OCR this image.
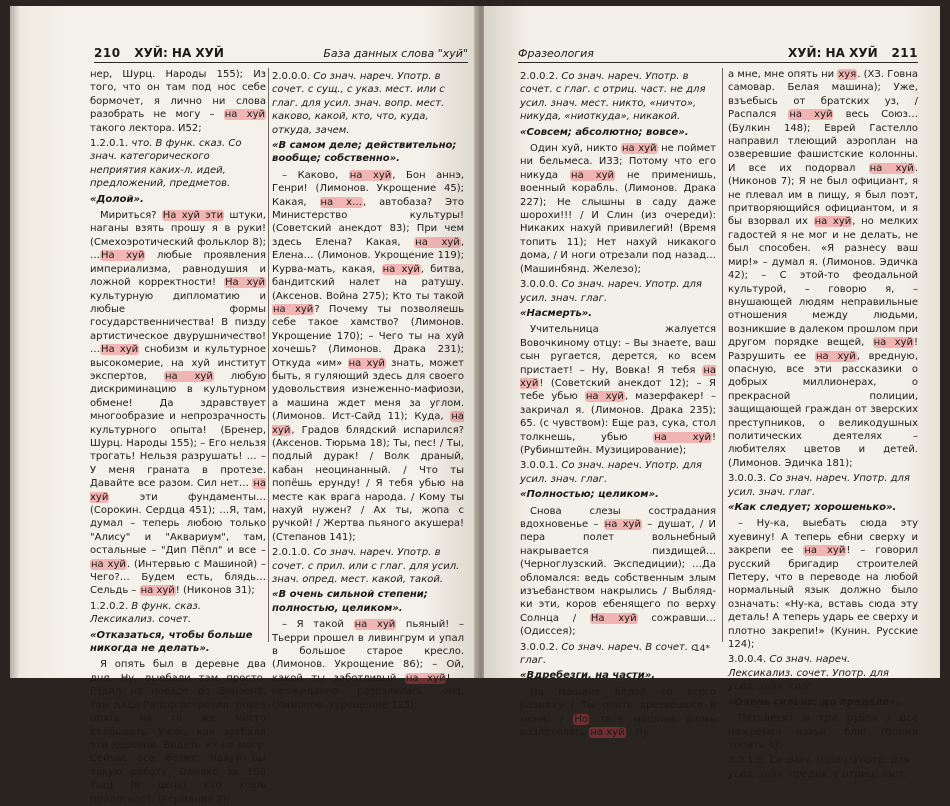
210 ХУЙ: НА ХУЙ	База данных слова "хуй"
нер, Шурц. Народы 155); Из того, что он там под нос себе бормочет, я лично ни слова разобрать не могу – на хуй такого лектора. И52;
1.2.0.1. что. В функ. сказ. Со знач. категорического неприятия каких-л. идей, предложений, предметов.
«Долой».
Мириться? На хуй эти штуки, наганы взять прошу я в руки! (Смехоэротический фольклор 8); …На хуй любые проявления империализма, равнодушия и ложной корректности! На хуй культурную дипломатию и любые формы государственничества! В пизду артистическое двурушничество! …На хуй снобизм и культурное высокомерие, на хуй институт экспертов, на хуй любую дискриминацию в культурном обмене! Да здравствует многообразие и непрозрачность культурного опыта! (Бренер, Шурц. Народы 155); – Его нельзя трогать! Нельзя разрушать! … – У меня граната в протезе. Давайте все разом. Сил нет… на хуй эти фундаменты… (Сорокин. Сердца 451); …Я, там, думал – теперь любою только "Алису" и "Аквариум", там, остальные – "Дип Пёпл" и все – на хуй. (Интервью с Машиной) – Чего?… Будем есть, блядь… Сельдь – на хуй! (Никонов 31);
1.2.0.2. В функ. сказ. Лексикализ. сочет.
«Отказаться, чтобы больше никогда не делать».
Я опять был в деревне два дня. Ну, выебали там просто. Ездил на поезде до Винзена, там дядя Ральф встретил, повез опять на то же место въёбывать. Ужас, как заебали эти деревни. Видеть их не могу. Сейчас все болит. Нахуй бы такую работу. Однако за 100 тыщ (в день) кто хошь приласкает. (Германия 2);
2.0.0.0. Со знач. нареч. Употр. в сочет. с сущ., с указ. мест. или с глаг. для усил. знач. вопр. мест. каково, какой, кто, что, куда, откуда, зачем.
«В самом деле; действительно; вообще; собственно».
– Каково, на хуй, Бон аннэ, Генри! (Лимонов. Укрощение 45); Какая, на х…, автобаза? Это Министерство культуры! (Советский анекдот 83); При чем здесь Елена? Какая, на хуй, Елена… (Лимонов. Укрощение 119); Курва-мать, какая, на хуй, битва, бандитский налет на ратушу. (Аксенов. Война 275); Кто ты такой на хуй? Почему ты позволяешь себе такое хамство? (Лимонов. Укрощение 170); – Чего ты на хуй хочешь? (Лимонов. Драка 231); Откуда «им» на хуй знать, может быть, я гуляющий здесь для своего удовольствия изнеженно-мафиози, а машина ждет меня за углом. (Лимонов. Ист-Сайд 11); Куда, на хуй, Градов блядский испарился? (Аксенов. Тюрьма 18); Ты, пес! / Ты, подлый дурак! / Волк драный, кабан неоцинанный. / Что ты попёшь ерунду! / Я тебя убью на месте как врага народа. / Кому ты нахуй нужен? / Ах ты, жопа с ручкой! / Жертва пьяного акушера! (Степанов 141);
2.0.1.0. Со знач. нареч. Употр. в сочет. с прил. или с глаг. для усил. знач. опред. мест. какой, такой.
«В очень сильной степени; полностью, целиком».
– Я такой на хуй пьяный! – Тьерри прошел в ливингрум и упал в большое старое кресло. (Лимонов. Укрощение 86); – Ой, какой ты заботливый на хуй! – неожиданно разозлилась она. (Лимонов. Укрощение 125);
Фразеология	ХУЙ: НА ХУЙ 211
2.0.0.2. Со знач. нареч. Употр. в сочет. с глаг. с отриц. част. не для усил. знач. мест. никто, «ничто», никуда, «ниоткуда», никакой.
«Совсем; абсолютно; вовсе».
Один хуй, никто на хуй не поймет ни бельмеса. И33; Потому что его никуда на хуй не применишь, военный корабль. (Лимонов. Драка 227); Не слышны в саду даже шорохи!!! / И Слин (из очереди): Никаких нахуй привилегий! (Время топить 11); Нет нахуй никакого дома, / И ноги отрезали под назад… (Машинбянд. Железо);
3.0.0.0. Со знач. нареч. Употр. для усил. знач. глаг.
«Насмерть».
Учительница жалуется Вовочкиному отцу: – Вы знаете, ваш сын ругается, дерется, ко всем пристает! – Ну, Вовка! Я тебя на хуй! (Советский анекдот 12); – Я тебе убью на хуй, мазерфакер! – закричал я. (Лимонов. Драка 235); 65. (с чувством): Еще раз, сука, стол толкнешь, убью на хуй! (Рубинштейн. Музицирование);
3.0.0.1. Со знач. нареч. Употр. для усил. знач. глаг.
«Полностью; целиком».
Снова слезы сострадания вдохновенье – на хуй – душат, / И пера полет вольнебный накрывается пиздищей… (Черноглузский. Экспедиции); …Да обломался: ведь собственным злым изъебанством накрылись / Выблядки эти, коров ебенящего по верху Солнца / На хуй сожравши… (Одиссея);
3.0.0.2. Со знач. нареч. В сочет. с глаг.
«Вдребезги, на части».
На машине белой со всего размаху / Ты опять врезаешься в меня, / Но твоя машина вновь разлетелась на хуй / Ну
а мне, мне опять ни хуя. (ХЗ. Говна самовар. Белая машина); Уже, взъебысь от братских уз, / Распался на хуй весь Союз… (Булкин 148); Еврей Гастелло направил тлеющий аэроплан на озверевшие фашистские колонны. И все их подорвал на хуй. (Никонов 7); Я не был официант, я не плевал им в пищу, я был поэт, притворяющийся официантом, и я бы взорвал их на хуй, но мелких гадостей я не мог и не делать, не был способен. «Я разнесу ваш мир!» – думал я. (Лимонов. Эдичка 42); – С этой-то феодальной культурой, – говорю я, – внушающей людям неправильные отношения между людьми, возникшие в далеком прошлом при другом порядке вещей, на хуй! Разрушить ее на хуй, вредную, опасную, все эти рассказики о добрых миллионерах, о прекрасной полиции, защищающей граждан от зверских преступников, о великодушных политических деятелях – любителях цветов и детей. (Лимонов. Эдичка 181);
3.0.0.3. Со знач. нареч. Употр. для усил. знач. глаг.
«Как следует; хорошенько».
– Ну-ка, выебать сюда эту хуевину! А теперь ебни сверху и закрепи ее на хуй! – говорил русский бригадир строителей Петеру, что в переводе на любой нормальный язык должно было означать: «Ну-ка, вставь сюда эту деталь! А теперь ударь ее сверху и плотно закрепи!» (Кунин. Русские 124);
3.0.0.4. Со знач. нареч. Лексикализ. сочет. Употр. для усил. знач. глаг.
«Очень сильно; до предела».
Пятьдесят и три рубля / Все нажремся нахуй, бля! (Время топить 4);
3.0.1.0. Со знач. нареч. Употр. для усил. знач. предик. с отриц. част.
14*
